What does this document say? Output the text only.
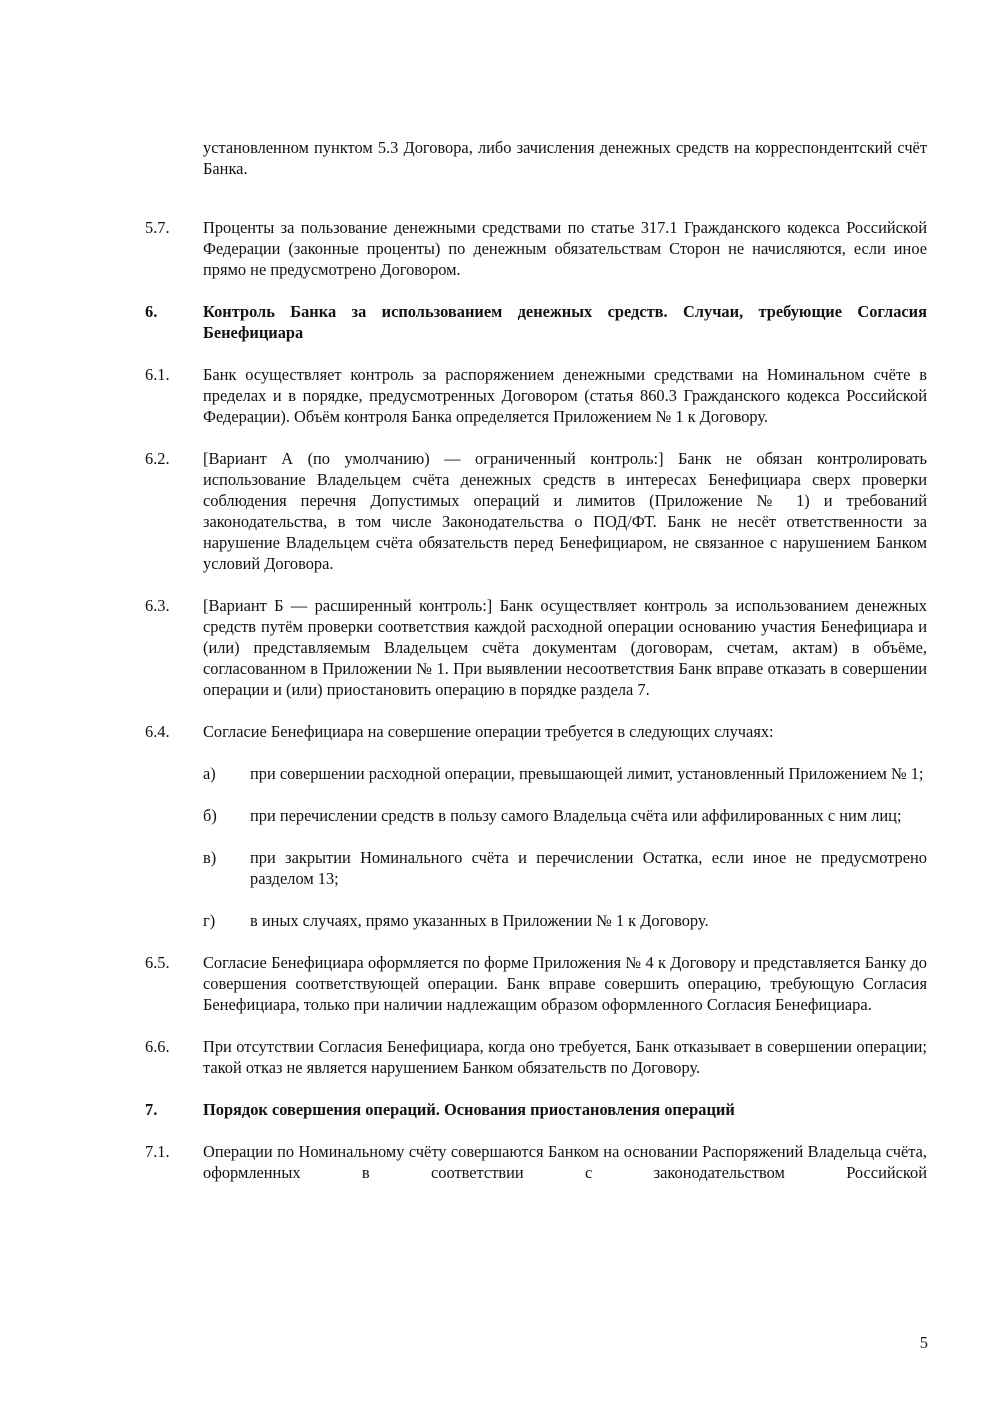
установленном пунктом 5.3 Договора, либо зачисления денежных средств на корреспондентский счёт Банка.

5.7.	Проценты за пользование денежными средствами по статье 317.1 Гражданского кодекса Российской Федерации (законные проценты) по денежным обязательствам Сторон не начисляются, если иное прямо не предусмотрено Договором.

6.	Контроль Банка за использованием денежных средств. Случаи, требующие Согласия Бенефициара

6.1.	Банк осуществляет контроль за распоряжением денежными средствами на Номинальном счёте в пределах и в порядке, предусмотренных Договором (статья 860.3 Гражданского кодекса Российской Федерации). Объём контроля Банка определяется Приложением № 1 к Договору.

6.2.	[Вариант А (по умолчанию) — ограниченный контроль:] Банк не обязан контролировать использование Владельцем счёта денежных средств в интересах Бенефициара сверх проверки соблюдения перечня Допустимых операций и лимитов (Приложение № 1) и требований законодательства, в том числе Законодательства о ПОД/ФТ. Банк не несёт ответственности за нарушение Владельцем счёта обязательств перед Бенефициаром, не связанное с нарушением Банком условий Договора.

6.3.	[Вариант Б — расширенный контроль:] Банк осуществляет контроль за использованием денежных средств путём проверки соответствия каждой расходной операции основанию участия Бенефициара и (или) представляемым Владельцем счёта документам (договорам, счетам, актам) в объёме, согласованном в Приложении № 1. При выявлении несоответствия Банк вправе отказать в совершении операции и (или) приостановить операцию в порядке раздела 7.

6.4.	Согласие Бенефициара на совершение операции требуется в следующих случаях:

а)	при совершении расходной операции, превышающей лимит, установленный Приложением № 1;

б)	при перечислении средств в пользу самого Владельца счёта или аффилированных с ним лиц;

в)	при закрытии Номинального счёта и перечислении Остатка, если иное не предусмотрено разделом 13;

г)	в иных случаях, прямо указанных в Приложении № 1 к Договору.

6.5.	Согласие Бенефициара оформляется по форме Приложения № 4 к Договору и представляется Банку до совершения соответствующей операции. Банк вправе совершить операцию, требующую Согласия Бенефициара, только при наличии надлежащим образом оформленного Согласия Бенефициара.

6.6.	При отсутствии Согласия Бенефициара, когда оно требуется, Банк отказывает в совершении операции; такой отказ не является нарушением Банком обязательств по Договору.

7.	Порядок совершения операций. Основания приостановления операций

7.1.	Операции по Номинальному счёту совершаются Банком на основании Распоряжений Владельца счёта, оформленных в соответствии с законодательством Российской

5
